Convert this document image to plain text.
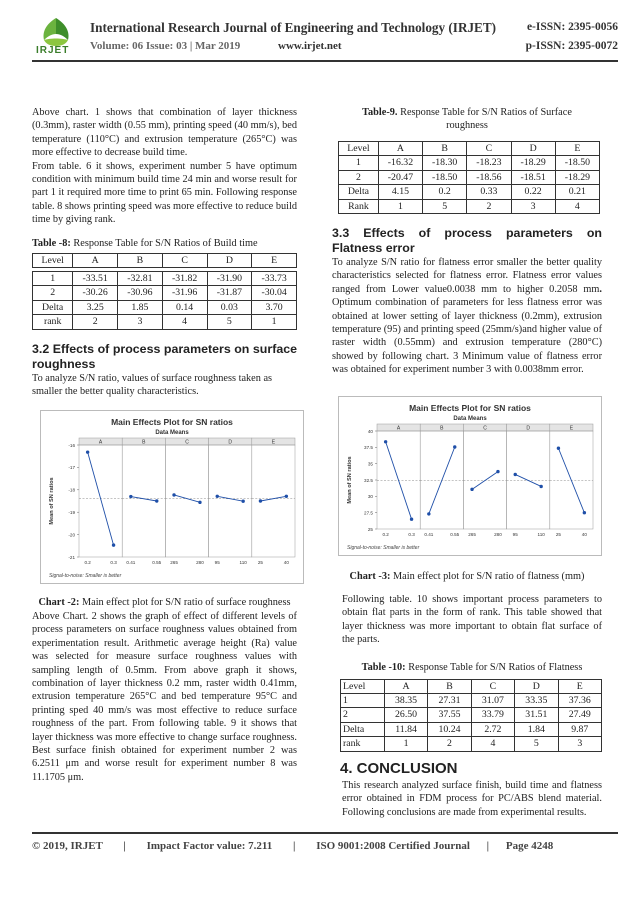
IRJET
International Research Journal of Engineering and Technology (IRJET)	e-ISSN: 2395-0056
Volume: 06 Issue: 03 | Mar 2019	www.irjet.net	p-ISSN: 2395-0072

Above chart. 1 shows that combination of layer thickness (0.3mm), raster width (0.55 mm), printing speed (40 mm/s), bed temperature (110°C) and extrusion temperature (265°C) was more effective to decrease build time.

From table. 6 it shows, experiment number 5 have optimum condition with minimum build time 24 min and worse result for part 1 it required more time to print 65 min. Following response table. 8 shows printing speed was more effective to reduce build time by giving rank.

Table -8: Response Table for S/N Ratios of Build time
Level	A	B	C	D	E

1	-33.51	-32.81	-31.82	-31.90	-33.73
2	-30.26	-30.96	-31.96	-31.87	-30.04
Delta	3.25	1.85	0.14	0.03	3.70
rank	2	3	4	5	1
3.2 Effects of process parameters on surface roughness

To analyze S/N ratio, values of surface roughness taken as smaller the better quality characteristics.

Main Effects Plot for SN ratios
Data Means
A
0.2	0.3
B
0.41	0.55
C
265	280
D
95	110
E
25	40
-16
-17
-18
-19
-20
-21
Mean of SN ratios
Signal-to-noise: Smaller is better
Chart -2: Main effect plot for S/N ratio of surface roughness

Above Chart. 2 shows the graph of effect of different levels of process parameters on surface roughness values obtained from experimentation result. Arithmetic average height (Ra) value was selected for measure surface roughness values with sampling length of 0.5mm. From above graph it shows, combination of layer thickness 0.2 mm, raster width 0.41mm, extrusion temperature 265°C and bed temperature 95°C and printing sped 40 mm/s was most effective to reduce surface roughness of the part. From following table. 9 it shows that layer thickness was more effective to change surface roughness. Best surface finish obtained for experiment number 2 was 6.2511 μm and worse result for experiment number 8 was 11.1705 μm.

Table-9. Response Table for S/N Ratios of Surface roughness
Level	A	B	C	D	E
1	-16.32	-18.30	-18.23	-18.29	-18.50
2	-20.47	-18.50	-18.56	-18.51	-18.29
Delta	4.15	0.2	0.33	0.22	0.21
Rank	1	5	2	3	4
3.3 Effects of process parameters on Flatness error

To analyze S/N ratio for flatness error smaller the better quality characteristics selected for flatness error. Flatness error values ranged from Lower value0.0038 mm to higher 0.2058 mm. Optimum combination of parameters for less flatness error was obtained at lower setting of layer thickness (0.2mm), extrusion temperature (95) and printing speed (25mm/s)and higher value of raster width (0.55mm) and extrusion temperature (280°C) showed by following chart. 3 Minimum value of flatness error was obtained for experiment number 3 with 0.0038mm error.

Main Effects Plot for SN ratios
Data Means
A
0.2	0.3
B
0.41	0.55
C
265	280
D
95	110
E
25	40
40
37.5
35
32.5
30
27.5
25
Mean of SN ratios
Signal-to-noise: Smaller is better
Chart -3: Main effect plot for S/N ratio of flatness (mm)

Following table. 10 shows important process parameters to obtain flat parts in the form of rank. This table showed that layer thickness was more important to obtain flat surface of the parts.

Table -10: Response Table for S/N Ratios of Flatness
Level	A	B	C	D	E
1	38.35	27.31	31.07	33.35	37.36
2	26.50	37.55	33.79	31.51	27.49
Delta	11.84	10.24	2.72	1.84	9.87
rank	1	2	4	5	3
4. CONCLUSION

This research analyzed surface finish, build time and flatness error obtained in FDM process for PC/ABS blend material. Following conclusions are made from experimental results.

© 2019, IRJET | Impact Factor value: 7.211 | ISO 9001:2008 Certified Journal | Page 4248
